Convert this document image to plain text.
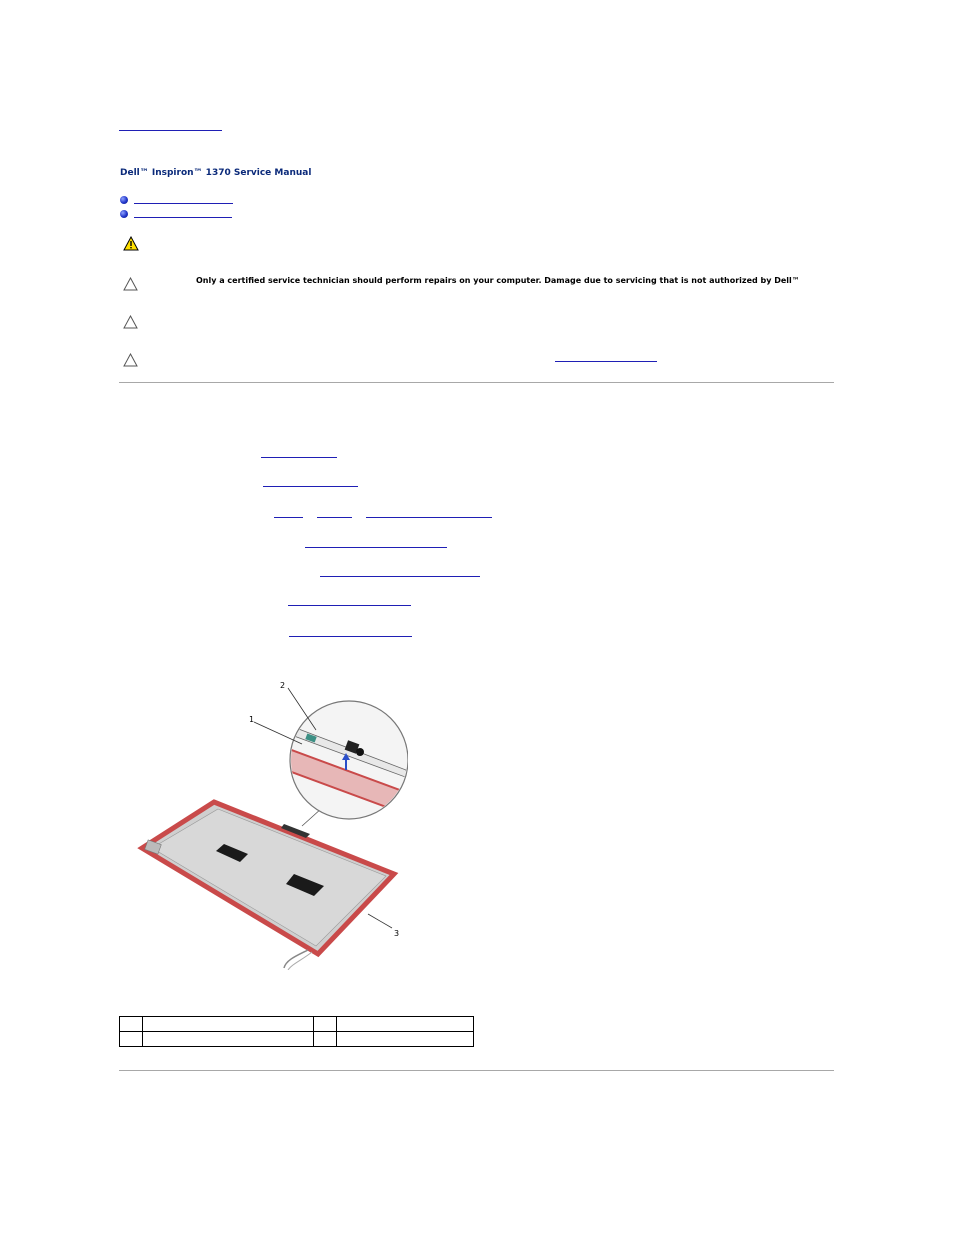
Dell™ Inspiron™ 1370 Service Manual
Only a certified service technician should perform repairs on your computer. Damage due to servicing that is not authorized by Dell™
1
2
3
